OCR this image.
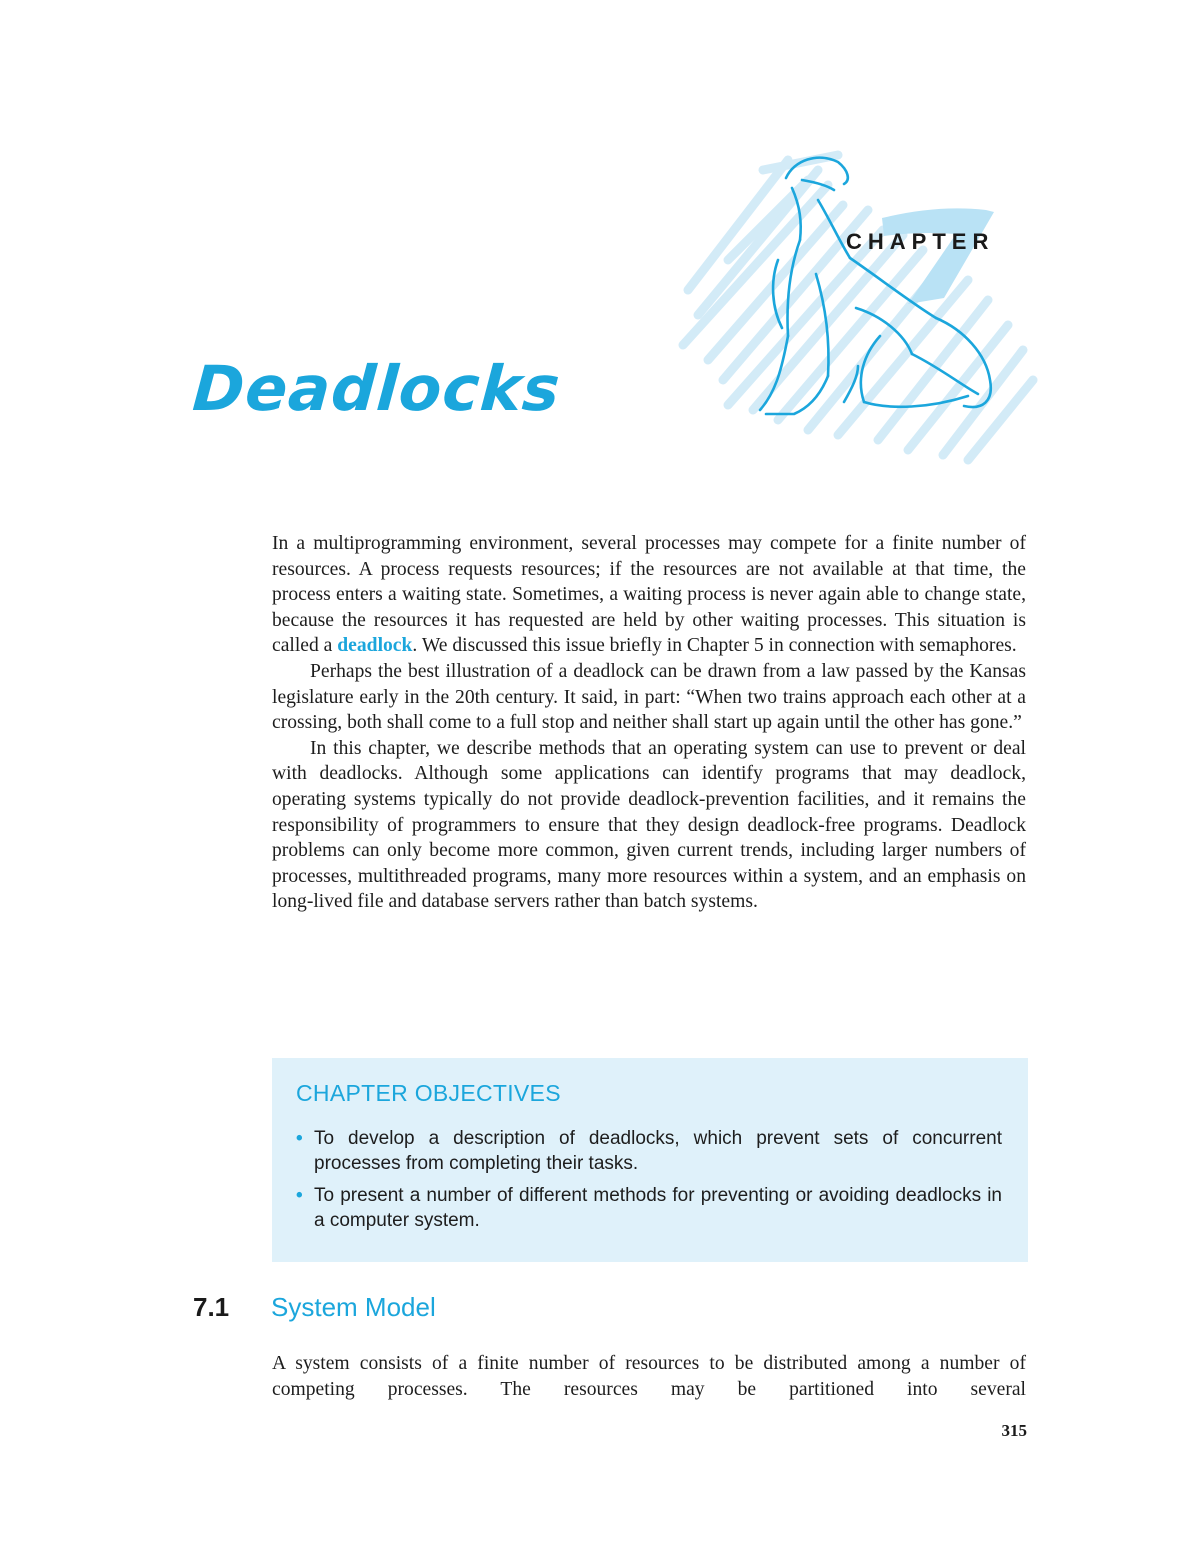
CHAPTER
Deadlocks

In a multiprogramming environment, several processes may compete for a finite number of resources. A process requests resources; if the resources are not available at that time, the process enters a waiting state. Sometimes, a waiting process is never again able to change state, because the resources it has requested are held by other waiting processes. This situation is called a deadlock. We discussed this issue briefly in Chapter 5 in connection with semaphores.

Perhaps the best illustration of a deadlock can be drawn from a law passed by the Kansas legislature early in the 20th century. It said, in part: “When two trains approach each other at a crossing, both shall come to a full stop and neither shall start up again until the other has gone.”

In this chapter, we describe methods that an operating system can use to prevent or deal with deadlocks. Although some applications can identify programs that may deadlock, operating systems typically do not provide deadlock-prevention facilities, and it remains the responsibility of programmers to ensure that they design deadlock-free programs. Deadlock problems can only become more common, given current trends, including larger numbers of processes, multithreaded programs, many more resources within a system, and an emphasis on long-lived file and database servers rather than batch systems.

CHAPTER OBJECTIVES
• To develop a description of deadlocks, which prevent sets of concurrent processes from completing their tasks.
• To present a number of different methods for preventing or avoiding deadlocks in a computer system.
7.1 System Model

A system consists of a finite number of resources to be distributed among a number of competing processes. The resources may be partitioned into several

315
